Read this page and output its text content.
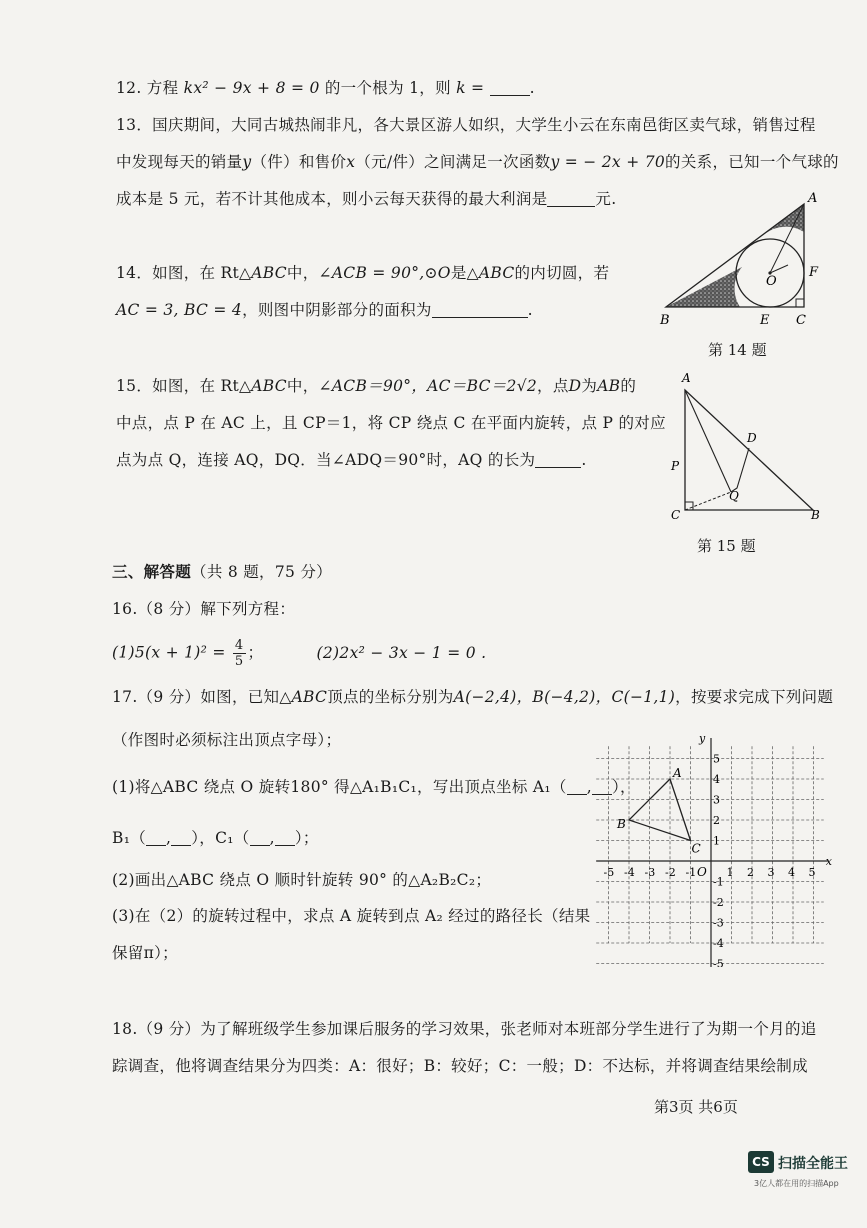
12. 方程 kx² − 9x + 8 = 0 的一个根为 1，则 k =	.
13．国庆期间，大同古城热闹非凡，各大景区游人如织，大学生小云在东南邑街区卖气球，销售过程
中发现每天的销量y（件）和售价x（元/件）之间满足一次函数y = − 2x + 70的关系，已知一个气球的
成本是 5 元，若不计其他成本，则小云每天获得的最大利润是	元.
14．如图，在 Rt△ABC中，∠ACB = 90°,⊙O是△ABC的内切圆，若
AC = 3, BC = 4，则图中阴影部分的面积为	.
A
B	E C
F
O
第 14 题
15．如图，在 Rt△ABC中，∠ACB＝90°，AC＝BC＝2√2，点D为AB的
中点，点 P 在 AC 上，且 CP＝1，将 CP 绕点 C 在平面内旋转，点 P 的对应
点为点 Q，连接 AQ，DQ．当∠ADQ＝90°时，AQ 的长为	.
A
P
C	B
D
Q
第 15 题
三、解答题（共 8 题，75 分）
16.（8 分）解下列方程：
$(1)5(x + 1)^2 = \frac{4}{5}$ ；	(2)2x² − 3x − 1 = 0 .
17.（9 分）如图，已知△ABC顶点的坐标分别为A(−2,4)，B(−4,2)，C(−1,1)，按要求完成下列问题
（作图时必须标注出顶点字母）；
(1)将△ABC 绕点 O 旋转180° 得△A₁B₁C₁，写出顶点坐标 A₁（ , ），
B₁（ , ），C₁（ , ）；
(2)画出△ABC 绕点 O 顺时针旋转 90° 的△A₂B₂C₂；
(3)在（2）的旋转过程中，求点 A 旋转到点 A₂ 经过的路径长（结果
保留π）；
-5 -4 -3 -2 -1	1 2 3 4 5
5
4
3
2
1
-1
-2
-3
-4
-5
A
B
C
O
x
y
18.（9 分）为了解班级学生参加课后服务的学习效果，张老师对本班部分学生进行了为期一个月的追
踪调查，他将调查结果分为四类：A：很好；B：较好；C：一般；D：不达标，并将调查结果绘制成
第3页 共6页
CS 扫描全能王
3亿人都在用的扫描App
